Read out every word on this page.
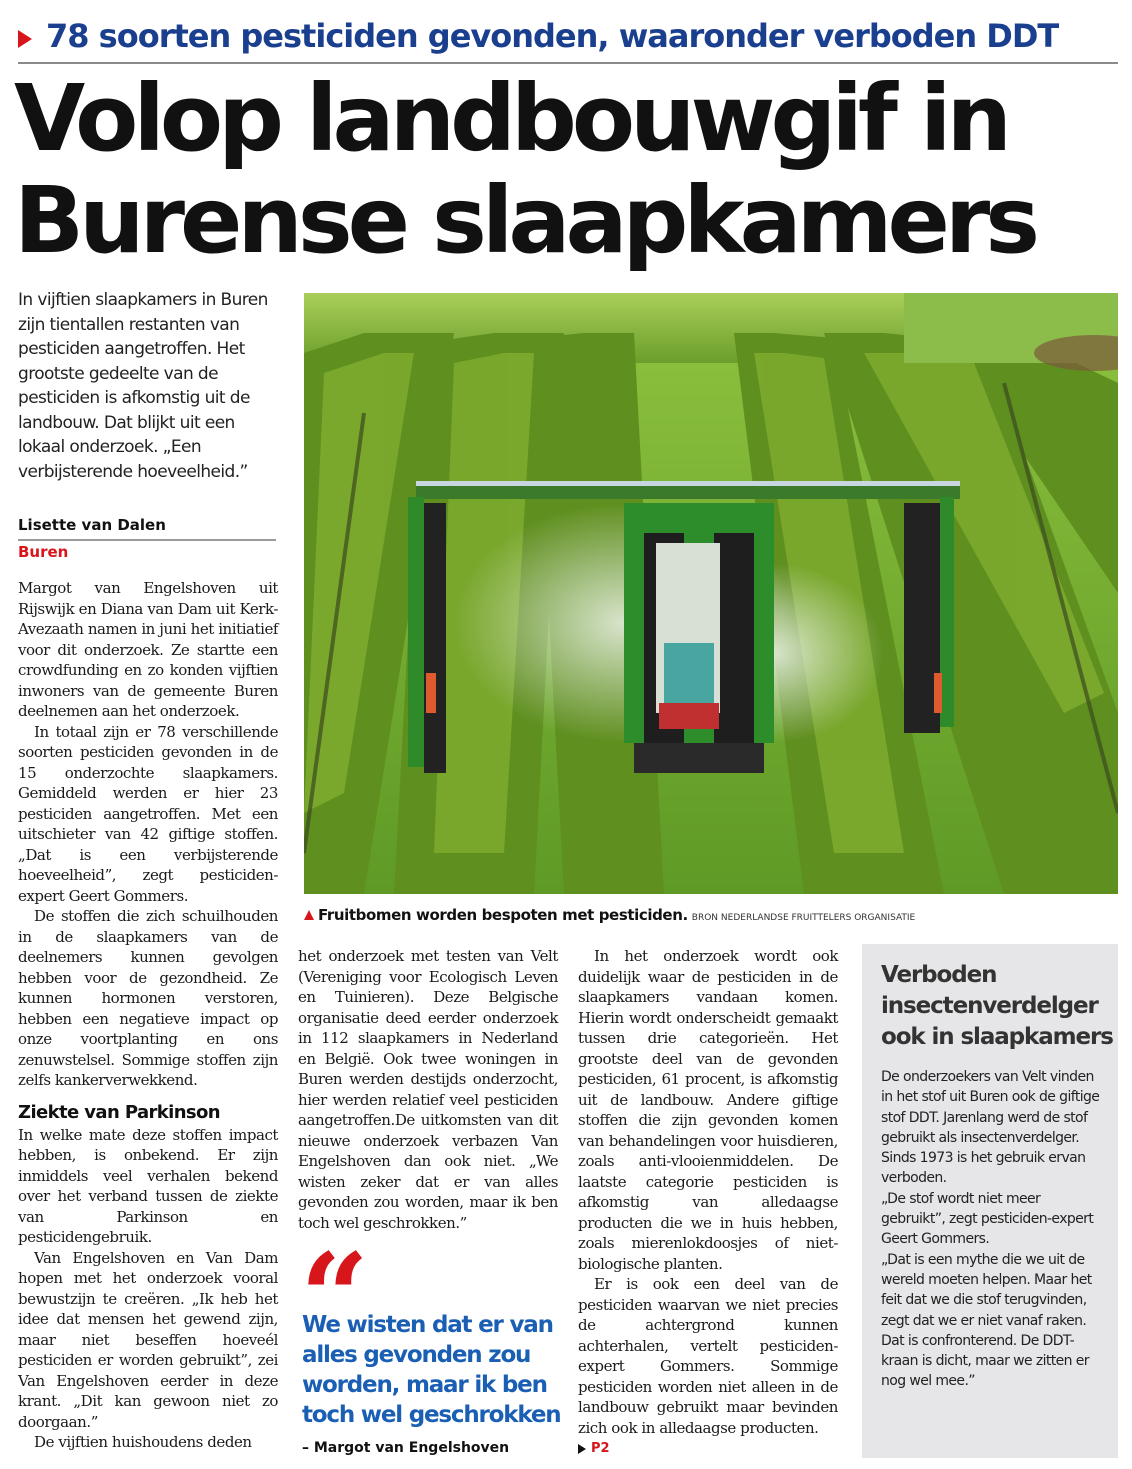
78 soorten pesticiden gevonden, waaronder verboden DDT
Volop landbouwgif in
Burense slaapkamers

In vijftien slaapkamers in Buren zijn tientallen restanten van pesticiden aangetroffen. Het grootste gedeelte van de pesticiden is afkomstig uit de landbouw. Dat blijkt uit een lokaal onderzoek. „Een verbijsterende hoeveelheid.”

Lisette van Dalen
Buren
Fruitbomen worden bespoten met pesticiden. BRON NEDERLANDSE FRUITTELERS ORGANISATIE

Margot van Engelshoven uit Rijswijk en Diana van Dam uit Kerk-Avezaath namen in juni het initiatief voor dit onderzoek. Ze startte een crowdfunding en zo konden vijftien inwoners van de gemeente Buren deelnemen aan het onderzoek.

In totaal zijn er 78 verschillende soorten pesticiden gevonden in de 15 onderzochte slaapkamers. Gemiddeld werden er hier 23 pesticiden aangetroffen. Met een uitschieter van 42 giftige stoffen. „Dat is een verbijsterende hoeveelheid”, zegt pesticiden-expert Geert Gommers.

De stoffen die zich schuilhouden in de slaapkamers van de deelnemers kunnen gevolgen hebben voor de gezondheid. Ze kunnen hormonen verstoren, hebben een negatieve impact op onze voortplanting en ons zenuwstelsel. Sommige stoffen zijn zelfs kankerverwekkend.

Ziekte van Parkinson

In welke mate deze stoffen impact hebben, is onbekend. Er zijn inmiddels veel verhalen bekend over het verband tussen de ziekte van Parkinson en pesticidengebruik.

Van Engelshoven en Van Dam hopen met het onderzoek vooral bewustzijn te creëren. „Ik heb het idee dat mensen het gewend zijn, maar niet beseffen hoeveél pesticiden er worden gebruikt”, zei Van Engelshoven eerder in deze krant. „Dit kan gewoon niet zo doorgaan.”

De vijftien huishoudens deden

het onderzoek met testen van Velt (Vereniging voor Ecologisch Leven en Tuinieren). Deze Belgische organisatie deed eerder onderzoek in 112 slaapkamers in Nederland en België. Ook twee woningen in Buren werden destijds onderzocht, hier werden relatief veel pesticiden aangetroffen.De uitkomsten van dit nieuwe onderzoek verbazen Van Engelshoven dan ook niet. „We wisten zeker dat er van alles gevonden zou worden, maar ik ben toch wel geschrokken.”

“
We wisten dat er van
alles gevonden zou
worden, maar ik ben
toch wel geschrokken
– Margot van Engelshoven

In het onderzoek wordt ook duidelijk waar de pesticiden in de slaapkamers vandaan komen. Hierin wordt onderscheidt gemaakt tussen drie categorieën. Het grootste deel van de gevonden pesticiden, 61 procent, is afkomstig uit de landbouw. Andere giftige stoffen die zijn gevonden komen van behandelingen voor huisdieren, zoals anti-vlooienmiddelen. De laatste categorie pesticiden is afkomstig van alledaagse producten die we in huis hebben, zoals mierenlokdoosjes of niet-biologische planten.

Er is ook een deel van de pesticiden waarvan we niet precies de achtergrond kunnen achterhalen, vertelt pesticiden-expert Gommers. Sommige pesticiden worden niet alleen in de landbouw gebruikt maar bevinden zich ook in alledaagse producten.

P2
Verboden
insectenverdelger
ook in slaapkamers

De onderzoekers van Velt vinden in het stof uit Buren ook de giftige stof DDT. Jarenlang werd de stof gebruikt als insectenverdelger. Sinds 1973 is het gebruik ervan verboden.

„De stof wordt niet meer gebruikt”, zegt pesticiden-expert Geert Gommers.

„Dat is een mythe die we uit de wereld moeten helpen. Maar het feit dat we die stof terugvinden, zegt dat we er niet vanaf raken. Dat is confronterend. De DDT-kraan is dicht, maar we zitten er nog wel mee.”
